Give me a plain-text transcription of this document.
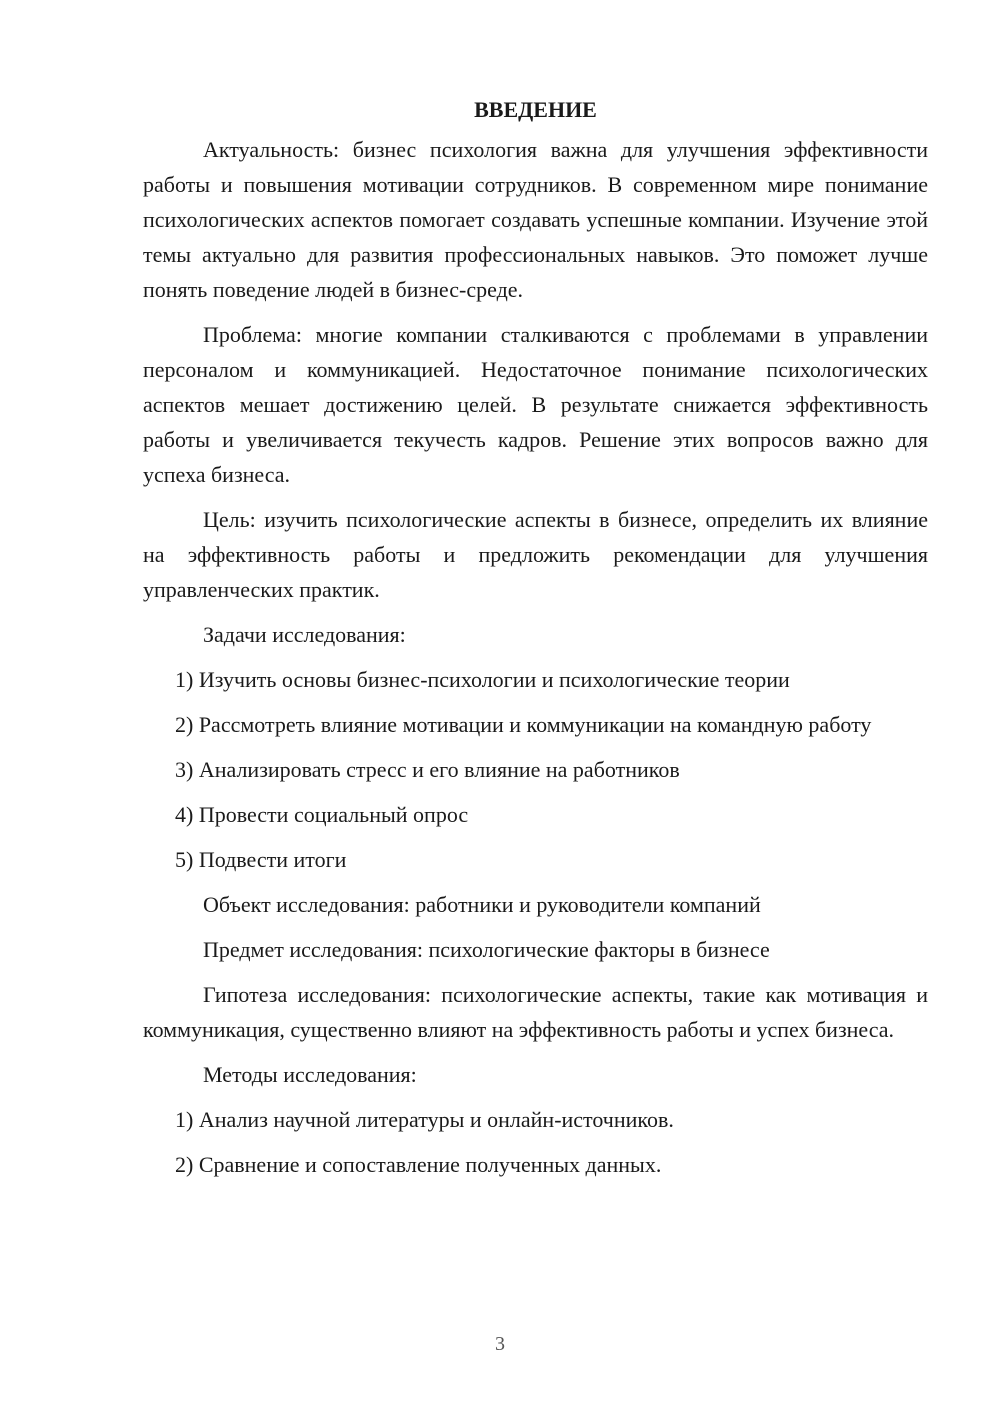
ВВЕДЕНИЕ

Актуальность: бизнес психология важна для улучшения эффективности работы и повышения мотивации сотрудников. В современном мире понимание психологических аспектов помогает создавать успешные компании. Изучение этой темы актуально для развития профессиональных навыков. Это поможет лучше понять поведение людей в бизнес-среде.

Проблема: многие компании сталкиваются с проблемами в управлении персоналом и коммуникацией. Недостаточное понимание психологических аспектов мешает достижению целей. В результате снижается эффективность работы и увеличивается текучесть кадров. Решение этих вопросов важно для успеха бизнеса.

Цель: изучить психологические аспекты в бизнесе, определить их влияние на эффективность работы и предложить рекомендации для улучшения управленческих практик.

Задачи исследования:

1) Изучить основы бизнес-психологии и психологические теории

2) Рассмотреть влияние мотивации и коммуникации на командную работу

3) Анализировать стресс и его влияние на работников

4) Провести социальный опрос

5) Подвести итоги

Объект исследования: работники и руководители компаний

Предмет исследования: психологические факторы в бизнесе

Гипотеза исследования: психологические аспекты, такие как мотивация и коммуникация, существенно влияют на эффективность работы и успех бизнеса.

Методы исследования:

1) Анализ научной литературы и онлайн-источников.

2) Сравнение и сопоставление полученных данных.

3
